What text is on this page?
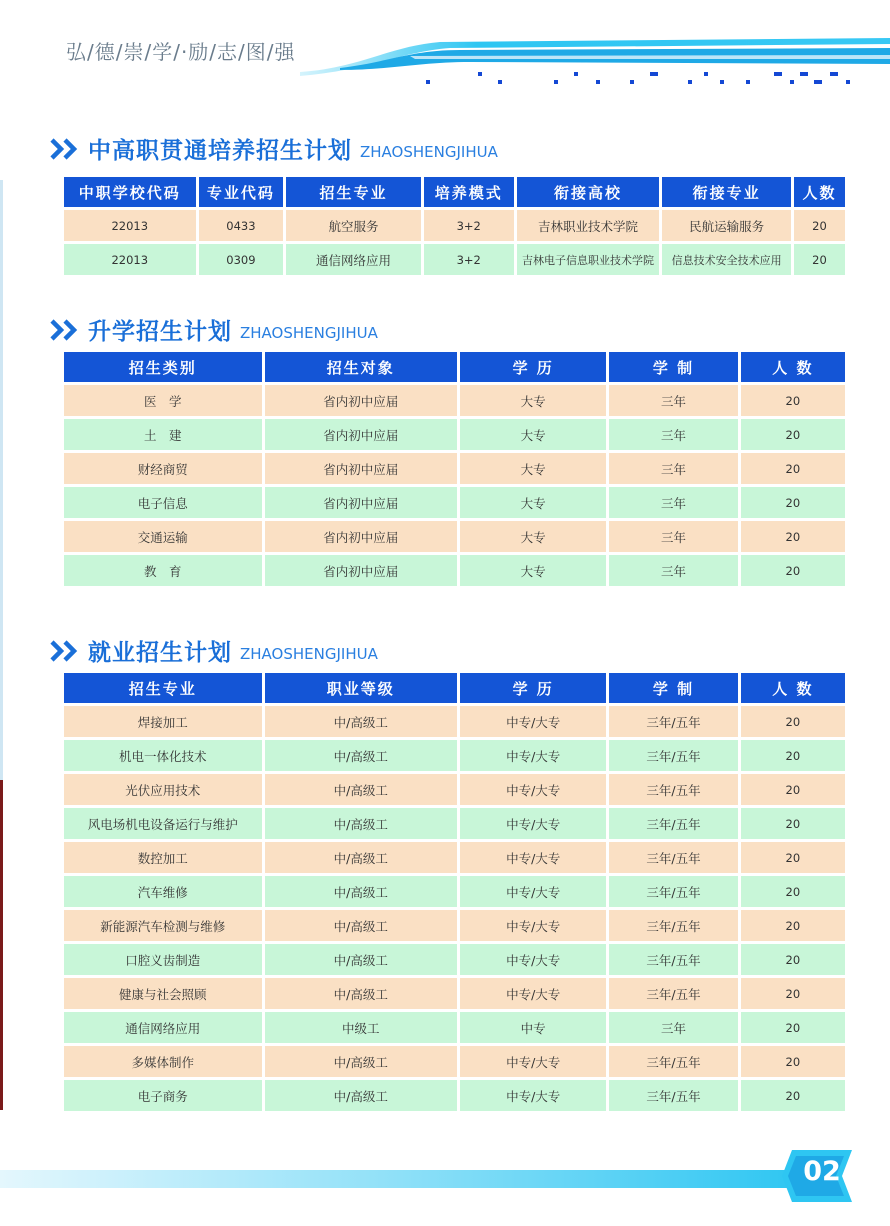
弘/德/崇/学/·励/志/图/强
中高职贯通培养招生计划 ZHAOSHENGJIHUA
中职学校代码	专业代码	招生专业	培养模式	衔接高校	衔接专业	人数
22013	0433	航空服务	3+2	吉林职业技术学院	民航运输服务	20
22013	0309	通信网络应用	3+2	吉林电子信息职业技术学院	信息技术安全技术应用	20
升学招生计划 ZHAOSHENGJIHUA
招生类别	招生对象	学 历	学 制	人 数
医　学	省内初中应届	大专	三年	20
土　建	省内初中应届	大专	三年	20
财经商贸	省内初中应届	大专	三年	20
电子信息	省内初中应届	大专	三年	20
交通运输	省内初中应届	大专	三年	20
教　育	省内初中应届	大专	三年	20
就业招生计划 ZHAOSHENGJIHUA
招生专业	职业等级	学 历	学 制	人 数
焊接加工	中/高级工	中专/大专	三年/五年	20
机电一体化技术	中/高级工	中专/大专	三年/五年	20
光伏应用技术	中/高级工	中专/大专	三年/五年	20
风电场机电设备运行与维护	中/高级工	中专/大专	三年/五年	20
数控加工	中/高级工	中专/大专	三年/五年	20
汽车维修	中/高级工	中专/大专	三年/五年	20
新能源汽车检测与维修	中/高级工	中专/大专	三年/五年	20
口腔义齿制造	中/高级工	中专/大专	三年/五年	20
健康与社会照顾	中/高级工	中专/大专	三年/五年	20
通信网络应用	中级工	中专	三年	20
多媒体制作	中/高级工	中专/大专	三年/五年	20
电子商务	中/高级工	中专/大专	三年/五年	20
02
